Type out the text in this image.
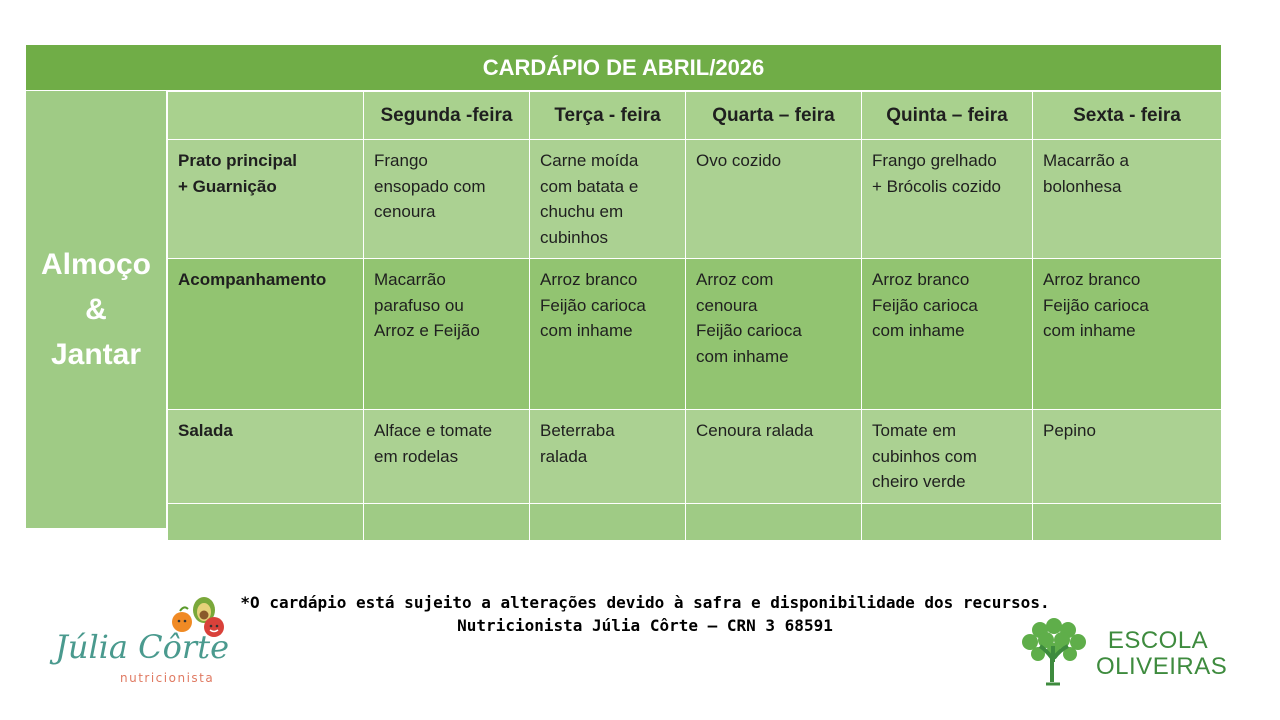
CARDÁPIO DE ABRIL/2026
Almoço
&
Jantar
	Segunda -feira	Terça - feira	Quarta – feira	Quinta – feira	Sexta - feira

Prato principal
+ Guarnição	Frango
ensopado com
cenoura	Carne moída
com batata e
chuchu em
cubinhos	Ovo cozido	Frango grelhado
+ Brócolis cozido	Macarrão a
bolonhesa

Acompanhamento	Macarrão
parafuso ou
Arroz e Feijão	Arroz branco
Feijão carioca
com inhame	Arroz com
cenoura
Feijão carioca
com inhame	Arroz branco
Feijão carioca
com inhame	Arroz branco
Feijão carioca
com inhame

Salada	Alface e tomate
em rodelas	Beterraba
ralada	Cenoura ralada	Tomate em
cubinhos com
cheiro verde	Pepino

*O cardápio está sujeito a alterações devido à safra e disponibilidade dos recursos.
Nutricionista Júlia Côrte – CRN 3 68591
Júlia Côrte
nutricionista
ESCOLA
OLIVEIRAS
